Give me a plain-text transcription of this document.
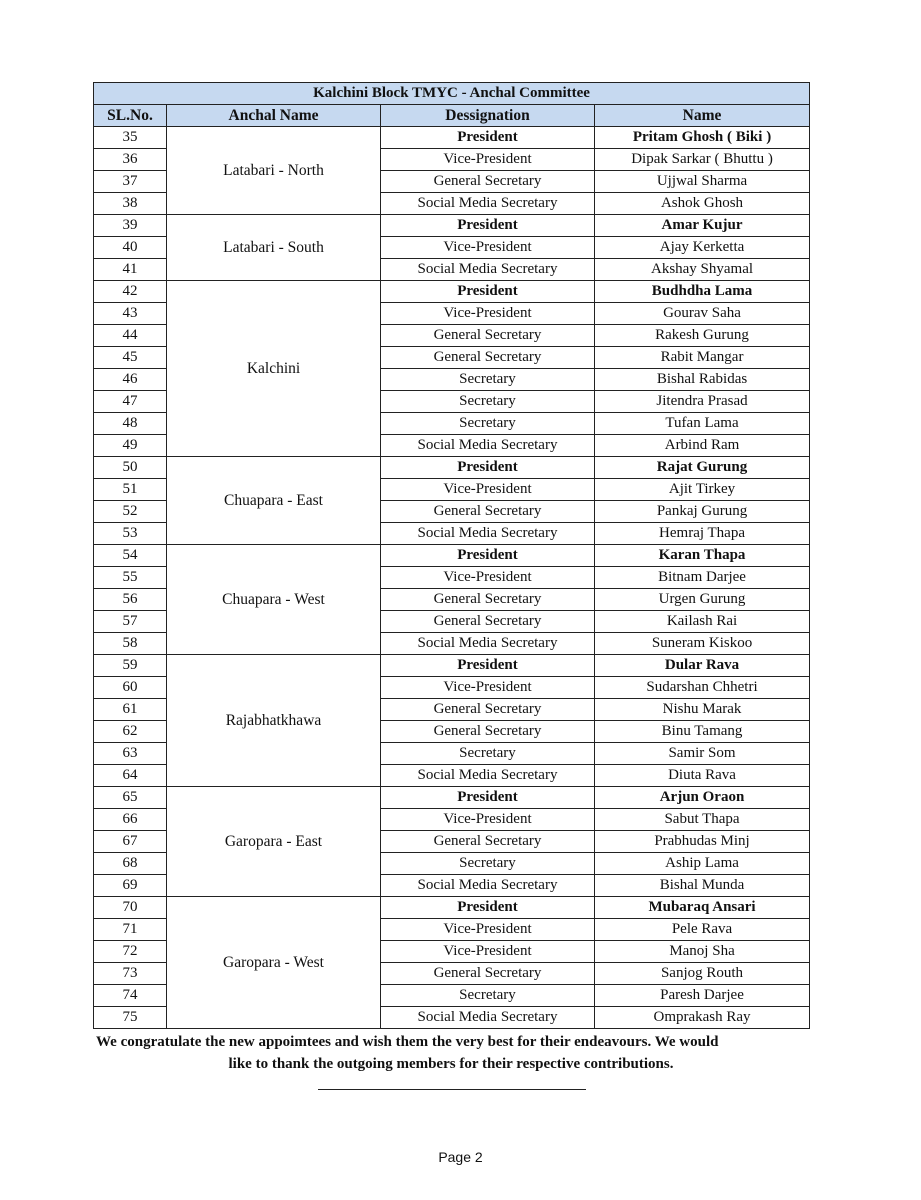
Kalchini Block TMYC - Anchal Committee			
SL.No.	Anchal Name	Dessignation	Name
35	Latabari - North	President	Pritam Ghosh ( Biki )
36		Vice-President	Dipak Sarkar ( Bhuttu )
37		General Secretary	Ujjwal Sharma
38		Social Media Secretary	Ashok Ghosh
39	Latabari - South	President	Amar Kujur
40		Vice-President	Ajay Kerketta
41		Social Media Secretary	Akshay Shyamal
42	Kalchini	President	Budhdha Lama
43		Vice-President	Gourav Saha
44		General Secretary	Rakesh Gurung
45		General Secretary	Rabit Mangar
46		Secretary	Bishal Rabidas
47		Secretary	Jitendra Prasad
48		Secretary	Tufan Lama
49		Social Media Secretary	Arbind Ram
50	Chuapara - East	President	Rajat Gurung
51		Vice-President	Ajit Tirkey
52		General Secretary	Pankaj Gurung
53		Social Media Secretary	Hemraj Thapa
54	Chuapara - West	President	Karan Thapa
55		Vice-President	Bitnam Darjee
56		General Secretary	Urgen Gurung
57		General Secretary	Kailash Rai
58		Social Media Secretary	Suneram Kiskoo
59	Rajabhatkhawa	President	Dular Rava
60		Vice-President	Sudarshan Chhetri
61		General Secretary	Nishu Marak
62		General Secretary	Binu Tamang
63		Secretary	Samir Som
64		Social Media Secretary	Diuta Rava
65	Garopara - East	President	Arjun Oraon
66		Vice-President	Sabut Thapa
67		General Secretary	Prabhudas Minj
68		Secretary	Aship Lama
69		Social Media Secretary	Bishal Munda
70	Garopara - West	President	Mubaraq Ansari
71		Vice-President	Pele Rava
72		Vice-President	Manoj Sha
73		General Secretary	Sanjog Routh
74		Secretary	Paresh Darjee
75		Social Media Secretary	Omprakash Ray
We congratulate the new appoimtees and wish them the very best for their endeavours. We would
like to thank the outgoing members for their respective contributions.
Page 2
